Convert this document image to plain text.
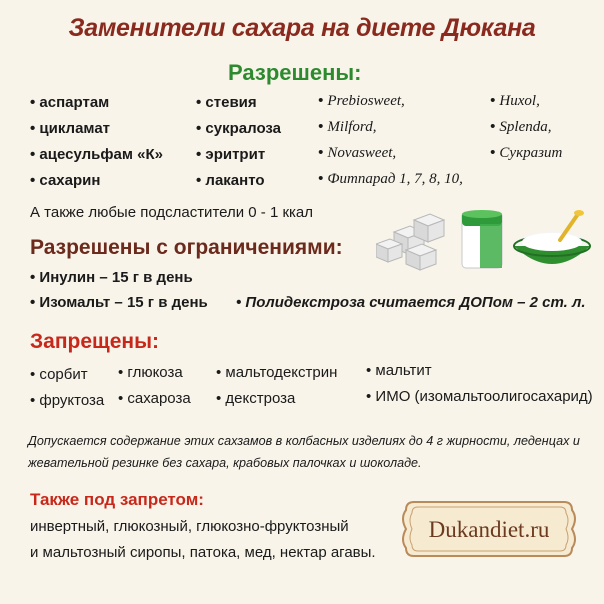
Заменители сахара на диете Дюкана
Разрешены:
• аспартам
• цикламат
• ацесульфам «К»
• сахарин
• стевия
• сукралоза
• эритрит
• лаканто
• Prebiosweet,
• Milford,
• Novasweet,
• Фитпарад 1, 7, 8, 10,
• Huxol,
• Splenda,
• Сукразит
А также любые подсластители 0 - 1 ккал
Разрешены с ограничениями:
• Инулин – 15 г в день
• Изомальт – 15 г в день • Полидекстроза считается ДОПом – 2 ст. л.
Запрещены:
• сорбит
• фруктоза
• глюкоза
• сахароза
• мальтодекстрин
• декстроза
• мальтит
• ИМО (изомальтоолигосахарид)
Допускается содержание этих сахзамов в колбасных изделиях до 4 г жирности, леденцах и жевательной резинке без сахара, крабовых палочках и шоколаде.
Также под запретом:
инвертный, глюкозный, глюкозно-фруктозный
и мальтозный сиропы, патока, мед, нектар агавы.
Dukandiet.ru
